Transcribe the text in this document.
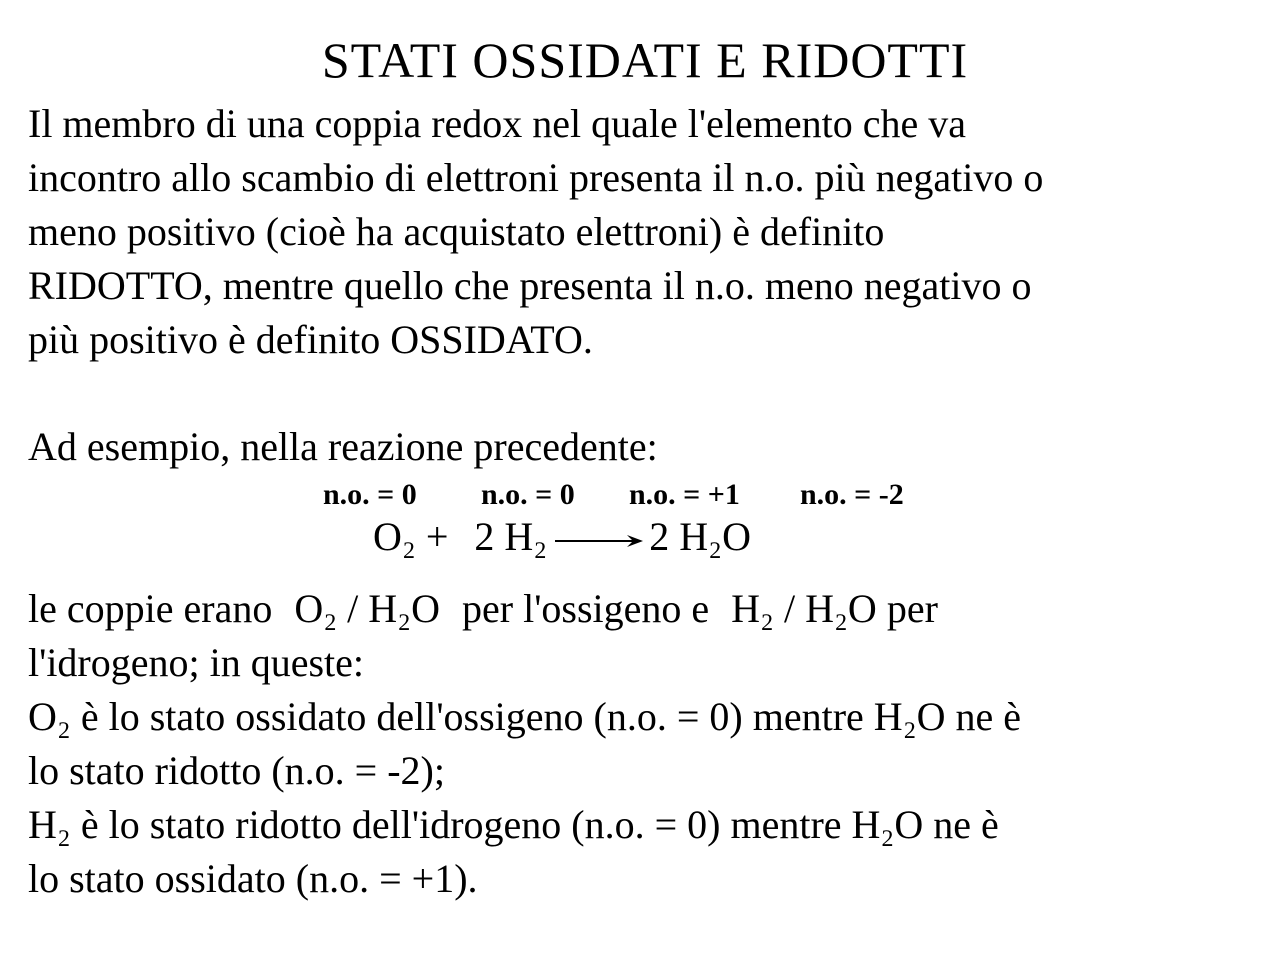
STATI OSSIDATI E RIDOTTI
Il membro di una coppia redox nel quale l'elemento che va
incontro allo scambio di elettroni presenta il n.o. più negativo o
meno positivo (cioè ha acquistato elettroni) è definito
RIDOTTO, mentre quello che presenta il n.o. meno negativo o
più positivo è definito OSSIDATO.
Ad esempio, nella reazione precedente:
n.o. = 0 n.o. = 0 n.o. = +1 n.o. = -2
O₂ + 2 H₂ → 2 H₂O
le coppie erano O₂ / H₂O per l'ossigeno e H₂ / H₂O per
l'idrogeno; in queste:
O₂ è lo stato ossidato dell'ossigeno (n.o. = 0) mentre H₂O ne è
lo stato ridotto (n.o. = -2);
H₂ è lo stato ridotto dell'idrogeno (n.o. = 0) mentre H₂O ne è
lo stato ossidato (n.o. = +1).
